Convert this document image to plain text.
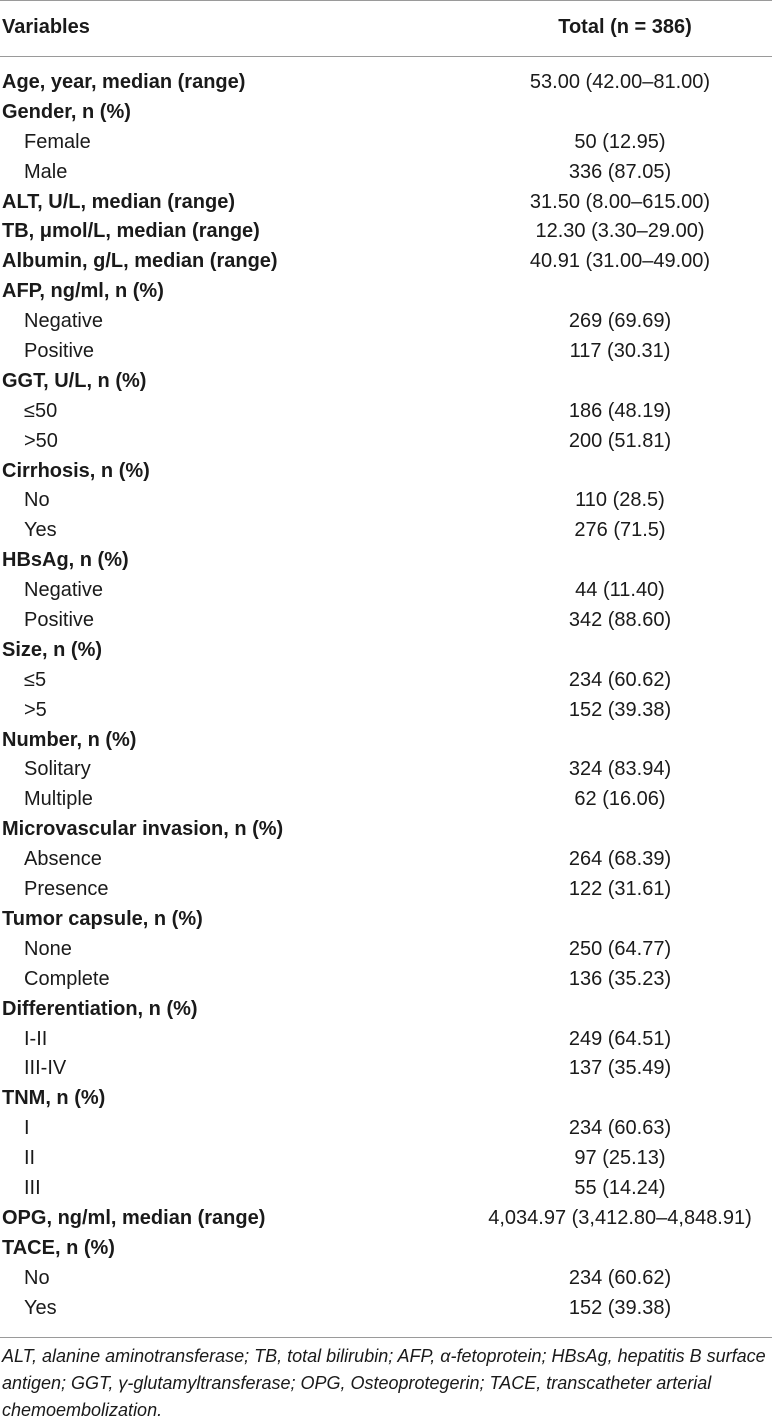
Variables	Total (n = 386)
Age, year, median (range)	53.00 (42.00–81.00)
Gender, n (%)
Female	50 (12.95)
Male	336 (87.05)
ALT, U/L, median (range)	31.50 (8.00–615.00)
TB, μmol/L, median (range)	12.30 (3.30–29.00)
Albumin, g/L, median (range)	40.91 (31.00–49.00)
AFP, ng/ml, n (%)
Negative	269 (69.69)
Positive	117 (30.31)
GGT, U/L, n (%)
≤50	186 (48.19)
>50	200 (51.81)
Cirrhosis, n (%)
No	110 (28.5)
Yes	276 (71.5)
HBsAg, n (%)
Negative	44 (11.40)
Positive	342 (88.60)
Size, n (%)
≤5	234 (60.62)
>5	152 (39.38)
Number, n (%)
Solitary	324 (83.94)
Multiple	62 (16.06)
Microvascular invasion, n (%)
Absence	264 (68.39)
Presence	122 (31.61)
Tumor capsule, n (%)
None	250 (64.77)
Complete	136 (35.23)
Differentiation, n (%)
I-II	249 (64.51)
III-IV	137 (35.49)
TNM, n (%)
I	234 (60.63)
II	97 (25.13)
III	55 (14.24)
OPG, ng/ml, median (range)	4,034.97 (3,412.80–4,848.91)
TACE, n (%)
No	234 (60.62)
Yes	152 (39.38)
ALT, alanine aminotransferase; TB, total bilirubin; AFP, α-fetoprotein; HBsAg, hepatitis B surface antigen; GGT, γ-glutamyltransferase; OPG, Osteoprotegerin; TACE, transcatheter arterial chemoembolization.
